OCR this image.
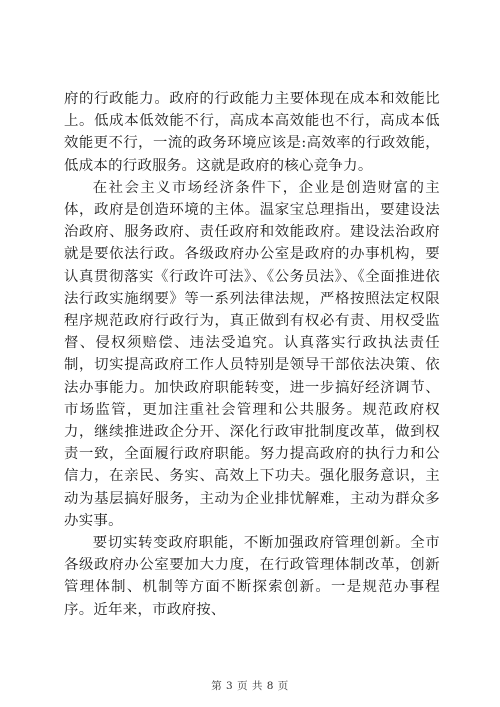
府的行政能力。政府的行政能力主要体现在成本和效能比上。低成本低效能不行，高成本高效能也不行，高成本低效能更不行，一流的政务环境应该是:高效率的行政效能，低成本的行政服务。这就是政府的核心竞争力。

在社会主义市场经济条件下，企业是创造财富的主体，政府是创造环境的主体。温家宝总理指出，要建设法治政府、服务政府、责任政府和效能政府。建设法治政府就是要依法行政。各级政府办公室是政府的办事机构，要认真贯彻落实《行政许可法》、《公务员法》、《全面推进依法行政实施纲要》等一系列法律法规，严格按照法定权限程序规范政府行政行为，真正做到有权必有责、用权受监督、侵权须赔偿、违法受追究。认真落实行政执法责任制，切实提高政府工作人员特别是领导干部依法决策、依法办事能力。加快政府职能转变，进一步搞好经济调节、市场监管，更加注重社会管理和公共服务。规范政府权力，继续推进政企分开、深化行政审批制度改革，做到权责一致，全面履行政府职能。努力提高政府的执行力和公信力，在亲民、务实、高效上下功夫。强化服务意识，主动为基层搞好服务，主动为企业排忧解难，主动为群众多办实事。

要切实转变政府职能，不断加强政府管理创新。全市各级政府办公室要加大力度，在行政管理体制改革，创新管理体制、机制等方面不断探索创新。一是规范办事程序。近年来，市政府按、

第 3 页 共 8 页
